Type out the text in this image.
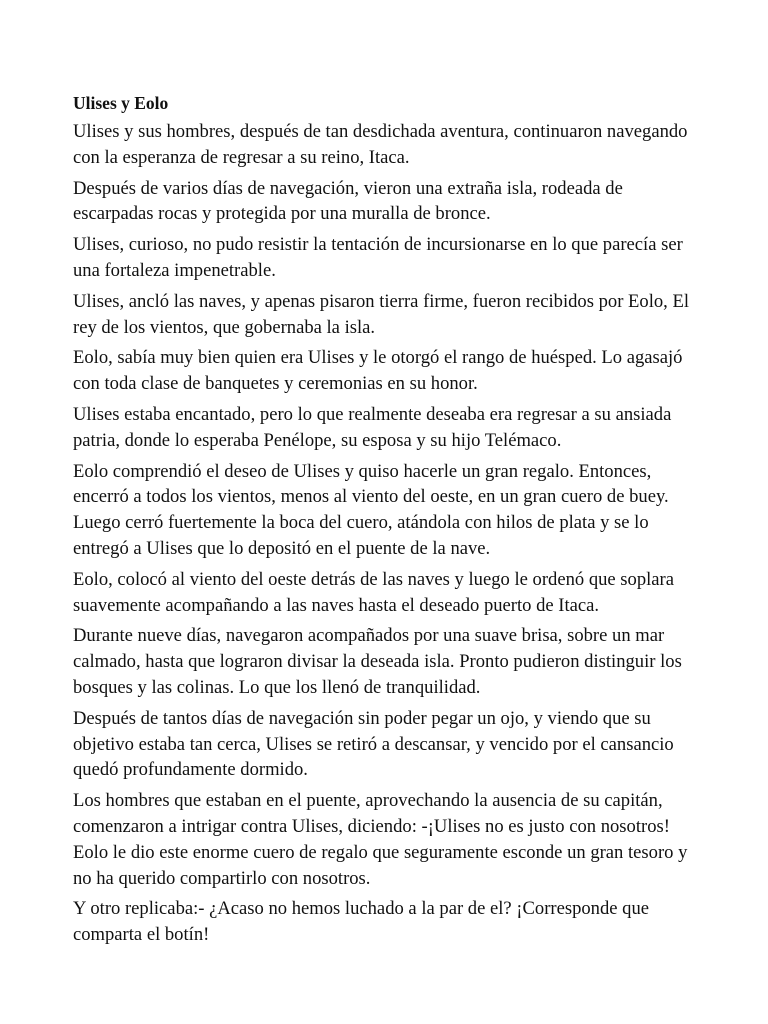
Ulises y Eolo

Ulises y sus hombres, después de tan desdichada aventura, continuaron navegando con la esperanza de regresar a su reino, Itaca.

Después de varios días de navegación, vieron una extraña isla, rodeada de escarpadas rocas y protegida por una muralla de bronce.

Ulises, curioso, no pudo resistir la tentación de incursionarse en lo que parecía ser una fortaleza impenetrable.

Ulises, ancló las naves, y apenas pisaron tierra firme, fueron recibidos por Eolo, El rey de los vientos, que gobernaba la isla.

Eolo, sabía muy bien quien era Ulises y le otorgó el rango de huésped. Lo agasajó con toda clase de banquetes y ceremonias en su honor.

Ulises estaba encantado, pero lo que realmente deseaba era regresar a su ansiada patria, donde lo esperaba Penélope, su esposa y su hijo Telémaco.

Eolo comprendió el deseo de Ulises y quiso hacerle un gran regalo. Entonces, encerró a todos los vientos, menos al viento del oeste, en un gran cuero de buey. Luego cerró fuertemente la boca del cuero, atándola con hilos de plata y se lo entregó a Ulises que lo depositó en el puente de la nave.

Eolo, colocó al viento del oeste detrás de las naves y luego le ordenó que soplara suavemente acompañando a las naves hasta el deseado puerto de Itaca.

Durante nueve días, navegaron acompañados por una suave brisa, sobre un mar calmado, hasta que lograron divisar la deseada isla. Pronto pudieron distinguir los bosques y las colinas. Lo que los llenó de tranquilidad.

Después de tantos días de navegación sin poder pegar un ojo, y viendo que su objetivo estaba tan cerca, Ulises se retiró a descansar, y vencido por el cansancio quedó profundamente dormido.

Los hombres que estaban en el puente, aprovechando la ausencia de su capitán, comenzaron a intrigar contra Ulises, diciendo: -¡Ulises no es justo con nosotros! Eolo le dio este enorme cuero de regalo que seguramente esconde un gran tesoro y no ha querido compartirlo con nosotros.

Y otro replicaba:- ¿Acaso no hemos luchado a la par de el? ¡Corresponde que comparta el botín!
